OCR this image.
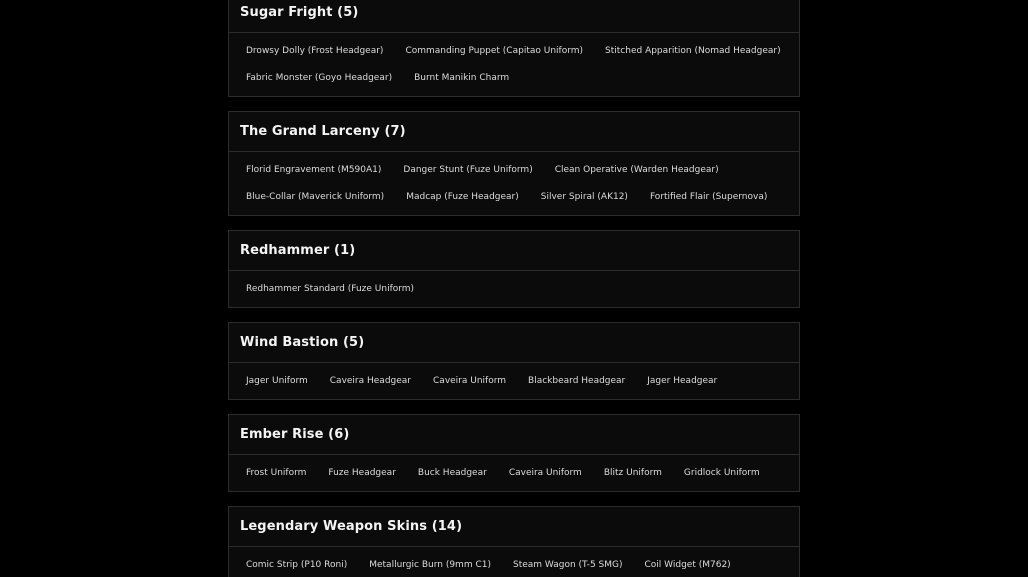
Sugar Fright ( 5 )
Drowsy Dolly (Frost Headgear)	Commanding Puppet (Capitao Uniform)	Stitched Apparition (Nomad Headgear)
Fabric Monster (Goyo Headgear)	Burnt Manikin Charm
The Grand Larceny ( 7 )
Florid Engravement (M590A1)	Danger Stunt (Fuze Uniform)	Clean Operative (Warden Headgear)
Blue-Collar (Maverick Uniform)	Madcap (Fuze Headgear)	Silver Spiral (AK12)	Fortified Flair (Supernova)
Redhammer ( 1 )
Redhammer Standard (Fuze Uniform)
Wind Bastion ( 5 )
Jager Uniform	Caveira Headgear	Caveira Uniform	Blackbeard Headgear	Jager Headgear
Ember Rise ( 6 )
Frost Uniform	Fuze Headgear	Buck Headgear	Caveira Uniform	Blitz Uniform	Gridlock Uniform
Legendary Weapon Skins ( 14 )
Comic Strip (P10 Roni)	Metallurgic Burn (9mm C1)	Steam Wagon (T-5 SMG)	Coil Widget (M762)
